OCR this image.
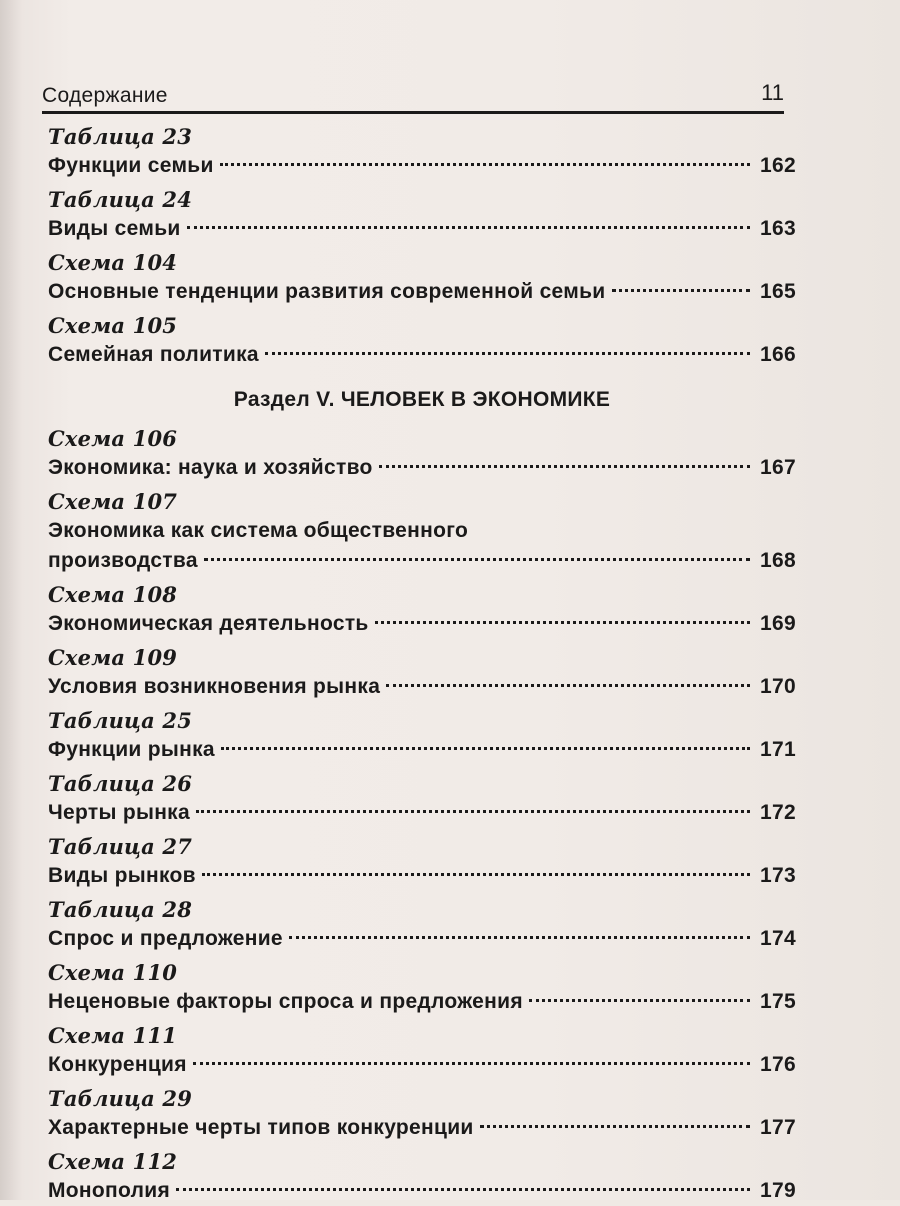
Содержание	11
Таблица 23
Функции семьи	162
Таблица 24
Виды семьи	163
Схема 104
Основные тенденции развития современной семьи	165
Схема 105
Семейная политика	166
Раздел V. ЧЕЛОВЕК В ЭКОНОМИКЕ
Схема 106
Экономика: наука и хозяйство	167
Схема 107
Экономика как система общественного
производства	168
Схема 108
Экономическая деятельность	169
Схема 109
Условия возникновения рынка	170
Таблица 25
Функции рынка	171
Таблица 26
Черты рынка	172
Таблица 27
Виды рынков	173
Таблица 28
Спрос и предложение	174
Схема 110
Неценовые факторы спроса и предложения	175
Схема 111
Конкуренция	176
Таблица 29
Характерные черты типов конкуренции	177
Схема 112
Монополия	179
